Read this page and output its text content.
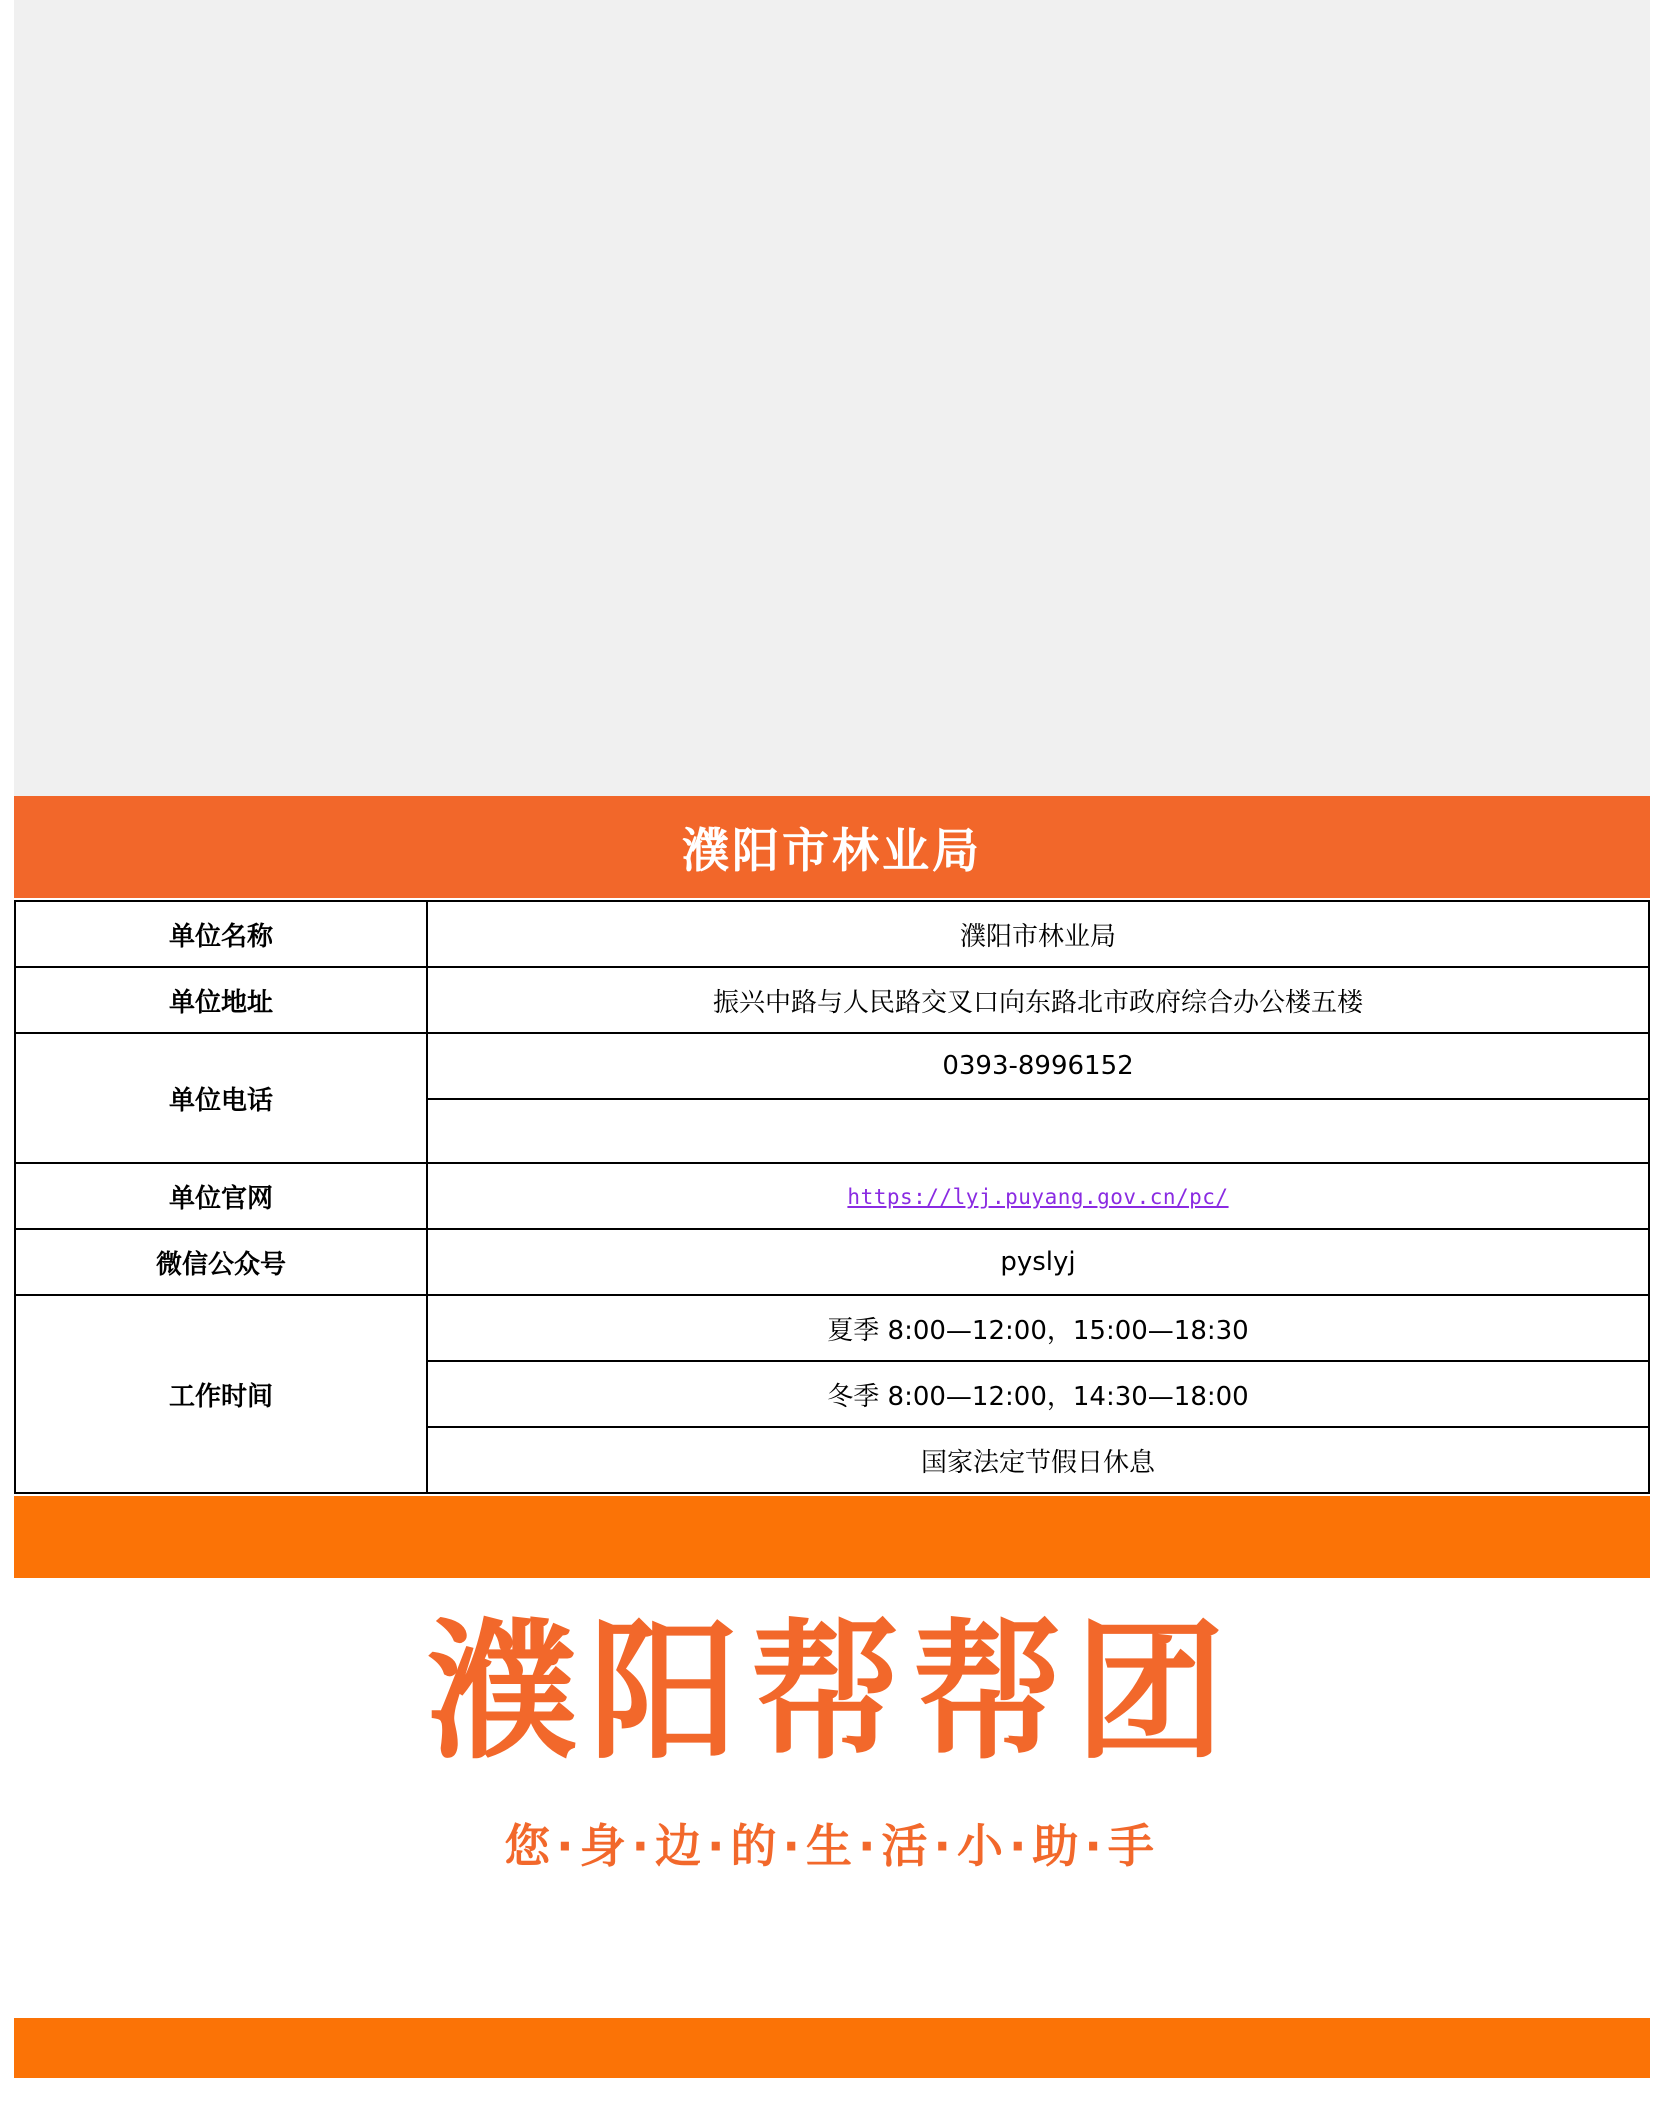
濮阳市林业局
单位名称	濮阳市林业局
单位地址	振兴中路与人民路交叉口向东路北市政府综合办公楼五楼
单位电话	0393-8996152

单位官网	https://lyj.puyang.gov.cn/pc/
微信公众号	pyslyj
工作时间	夏季 8:00—12:00，15:00—18:30
	冬季 8:00—12:00，14:30—18:00
	国家法定节假日休息
濮阳帮帮团
您·身·边·的·生·活·小·助·手
